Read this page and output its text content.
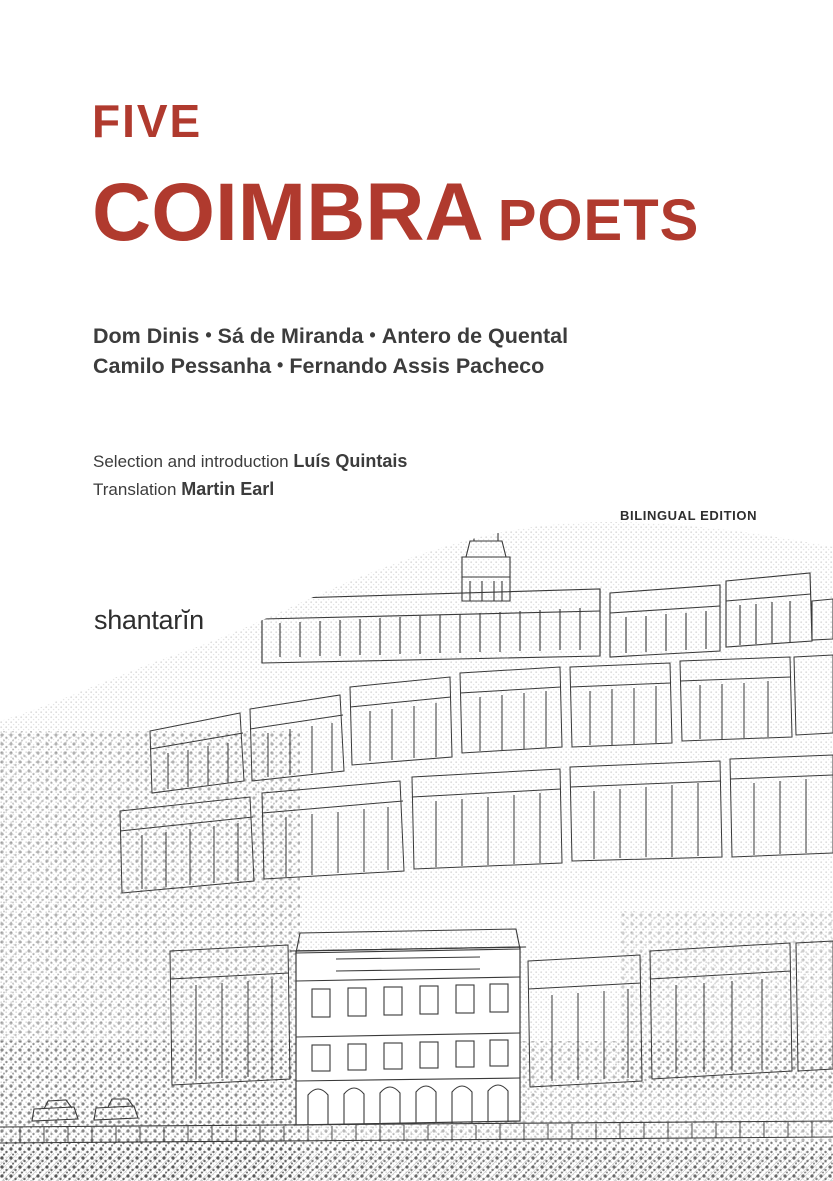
FIVE
COIMBRA POETS
Dom Dinis • Sá de Miranda • Antero de Quental
Camilo Pessanha • Fernando Assis Pacheco
Selection and introduction Luís Quintais
Translation Martin Earl
BILINGUAL EDITION
shantarĭn
